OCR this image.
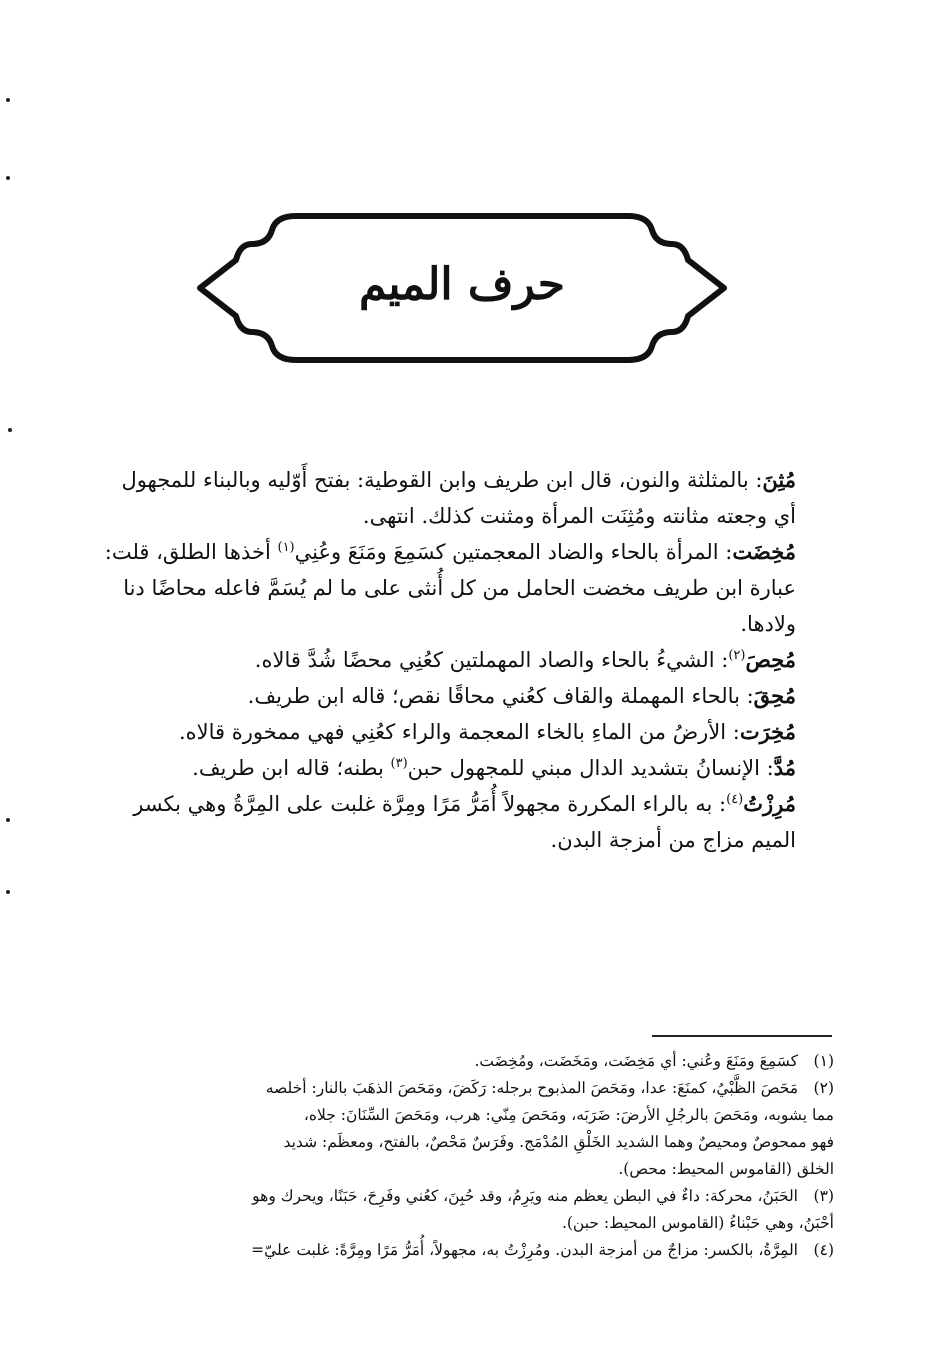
حرف الميم

مُثِنَ: بالمثلثة والنون، قال ابن طريف وابن القوطية: بفتح أَوّليه وبالبناء للمجهول أي وجعته مثانته ومُثِنَت المرأة ومثنت كذلك. انتهى.

مُخِضَت: المرأة بالحاء والضاد المعجمتين كسَمِعَ ومَنَعَ وعُنِي$^{(١)}$ أخذها الطلق، قلت: عبارة ابن طريف مخضت الحامل من كل أُنثى على ما لم يُسَمَّ فاعله محاضًا دنا ولادها.

مُحِصَ$^{(٢)}$: الشيءُ بالحاء والصاد المهملتين كعُنِي محضًا شُدَّ قالاه.

مُحِقَ: بالحاء المهملة والقاف كعُني محاقًا نقص؛ قاله ابن طريف.

مُخِرَت: الأرضُ من الماءِ بالخاء المعجمة والراء كعُنِي فهي ممخورة قالاه.

مُدَّ: الإنسانُ بتشديد الدال مبني للمجهول حبن$^{(٣)}$ بطنه؛ قاله ابن طريف.

مُرِزْتُ$^{(٤)}$: به بالراء المكررة مجهولاً أُمَرُّ مَرًا ومِرَّة غلبت على المِرَّةُ وهي بكسر الميم مزاج من أمزجة البدن.

(١)كسَمِعَ ومَنَعَ وعُني: أي مَخِضَت، ومَخَضَت، ومُخِضَت.

(٢)مَحَصَ الظَّبْيُ، كمنَعَ: عدا، ومَحَصَ المذبوح برجله: رَكَضَ، ومَحَصَ الذهَبَ بالنار: أخلصه
مما يشوبه، ومَحَصَ بالرجُلِ الأرضَ: ضَرَبَه، ومَحَصَ مِنّي: هرب، ومَحَصَ السِّنَانَ: جلاه،
فهو ممحوصٌ ومحيصٌ وهما الشديد الخَلْقِ المُدْمَج. وفَرَسٌ مَحْصٌ، بالفتح، ومعظَم: شديد
الخلق (القاموس المحيط: محص).

(٣)الحَبَنُ، محركة: داءٌ في البطن يعظم منه ويَرِمُ، وقد حُبِنَ، كعُني وفَرِحَ، حَبَنًا، ويحرك وهو
أحْبَنُ، وهي حَبْناءُ (القاموس المحيط: حبن).

(٤)المِرَّةُ، بالكسر: مزاجٌ من أمزجة البدن. ومُرِزْتُ به، مجهولاً، أُمَرُّ مَرًا ومِرَّةً: غلبت عليّ=
